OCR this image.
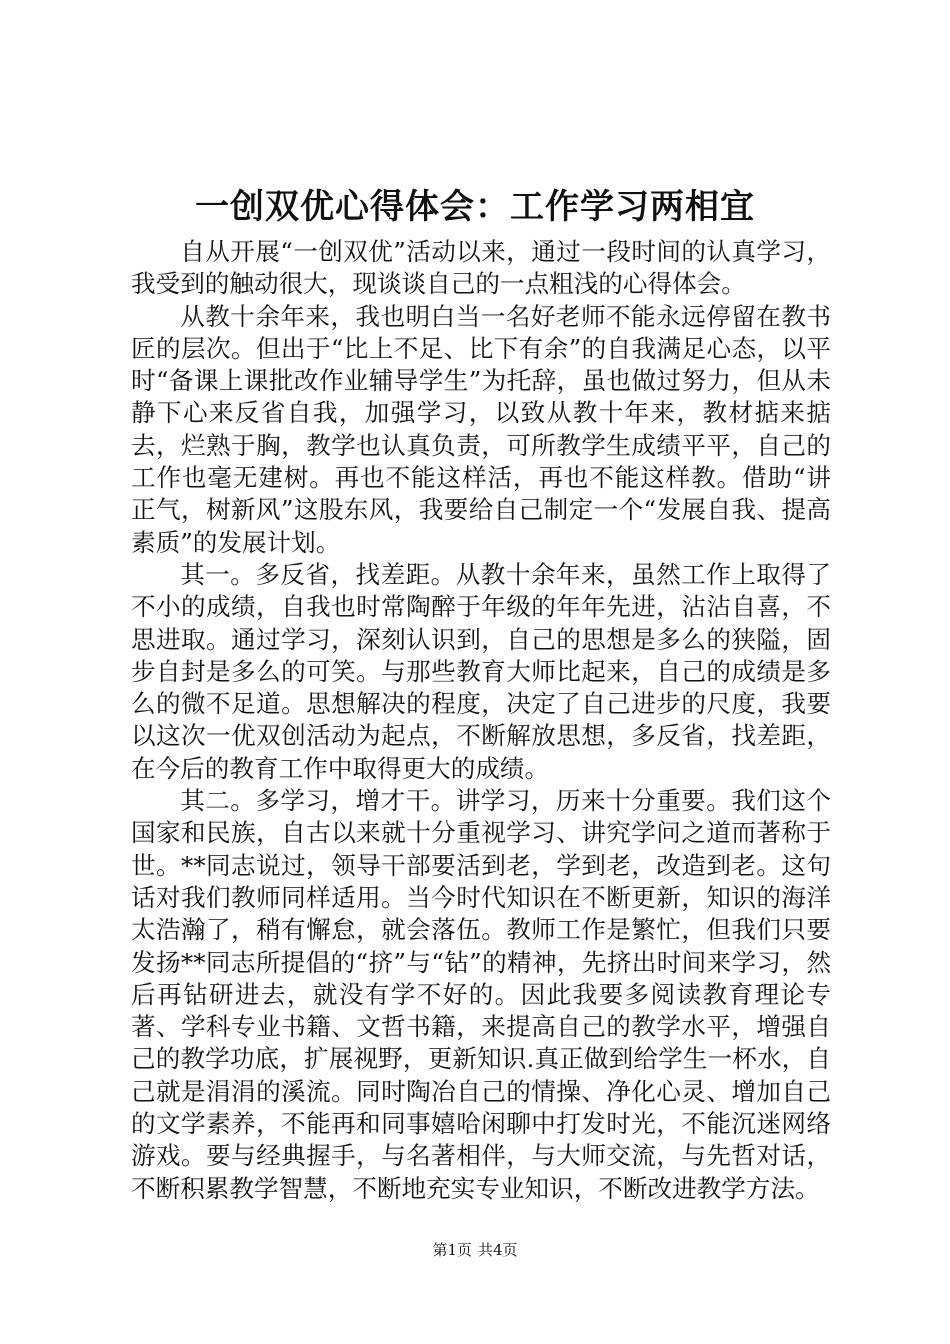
一创双优心得体会：工作学习两相宜

自从开展“一创双优”活动以来，通过一段时间的认真学习，我受到的触动很大，现谈谈自己的一点粗浅的心得体会。

从教十余年来，我也明白当一名好老师不能永远停留在教书匠的层次。但出于“比上不足、比下有余”的自我满足心态，以平时“备课上课批改作业辅导学生”为托辞，虽也做过努力，但从未静下心来反省自我，加强学习，以致从教十年来，教材掂来掂去，烂熟于胸，教学也认真负责，可所教学生成绩平平，自己的工作也毫无建树。再也不能这样活，再也不能这样教。借助“讲正气，树新风”这股东风，我要给自己制定一个“发展自我、提高素质”的发展计划。

其一。多反省，找差距。从教十余年来，虽然工作上取得了不小的成绩，自我也时常陶醉于年级的年年先进，沾沾自喜，不思进取。通过学习，深刻认识到，自己的思想是多么的狭隘，固步自封是多么的可笑。与那些教育大师比起来，自己的成绩是多么的微不足道。思想解决的程度，决定了自己进步的尺度，我要以这次一优双创活动为起点，不断解放思想，多反省，找差距，在今后的教育工作中取得更大的成绩。

其二。多学习，增才干。讲学习，历来十分重要。我们这个国家和民族，自古以来就十分重视学习、讲究学问之道而著称于世。**同志说过，领导干部要活到老，学到老，改造到老。这句话对我们教师同样适用。当今时代知识在不断更新，知识的海洋太浩瀚了，稍有懈怠，就会落伍。教师工作是繁忙，但我们只要发扬**同志所提倡的“挤”与“钻”的精神，先挤出时间来学习，然后再钻研进去，就没有学不好的。因此我要多阅读教育理论专著、学科专业书籍、文哲书籍，来提高自己的教学水平，增强自己的教学功底，扩展视野，更新知识.真正做到给学生一杯水，自己就是涓涓的溪流。同时陶冶自己的情操、净化心灵、增加自己的文学素养，不能再和同事嬉哈闲聊中打发时光，不能沉迷网络游戏。要与经典握手，与名著相伴，与大师交流，与先哲对话，不断积累教学智慧，不断地充实专业知识，不断改进教学方法。

第1页 共4页
